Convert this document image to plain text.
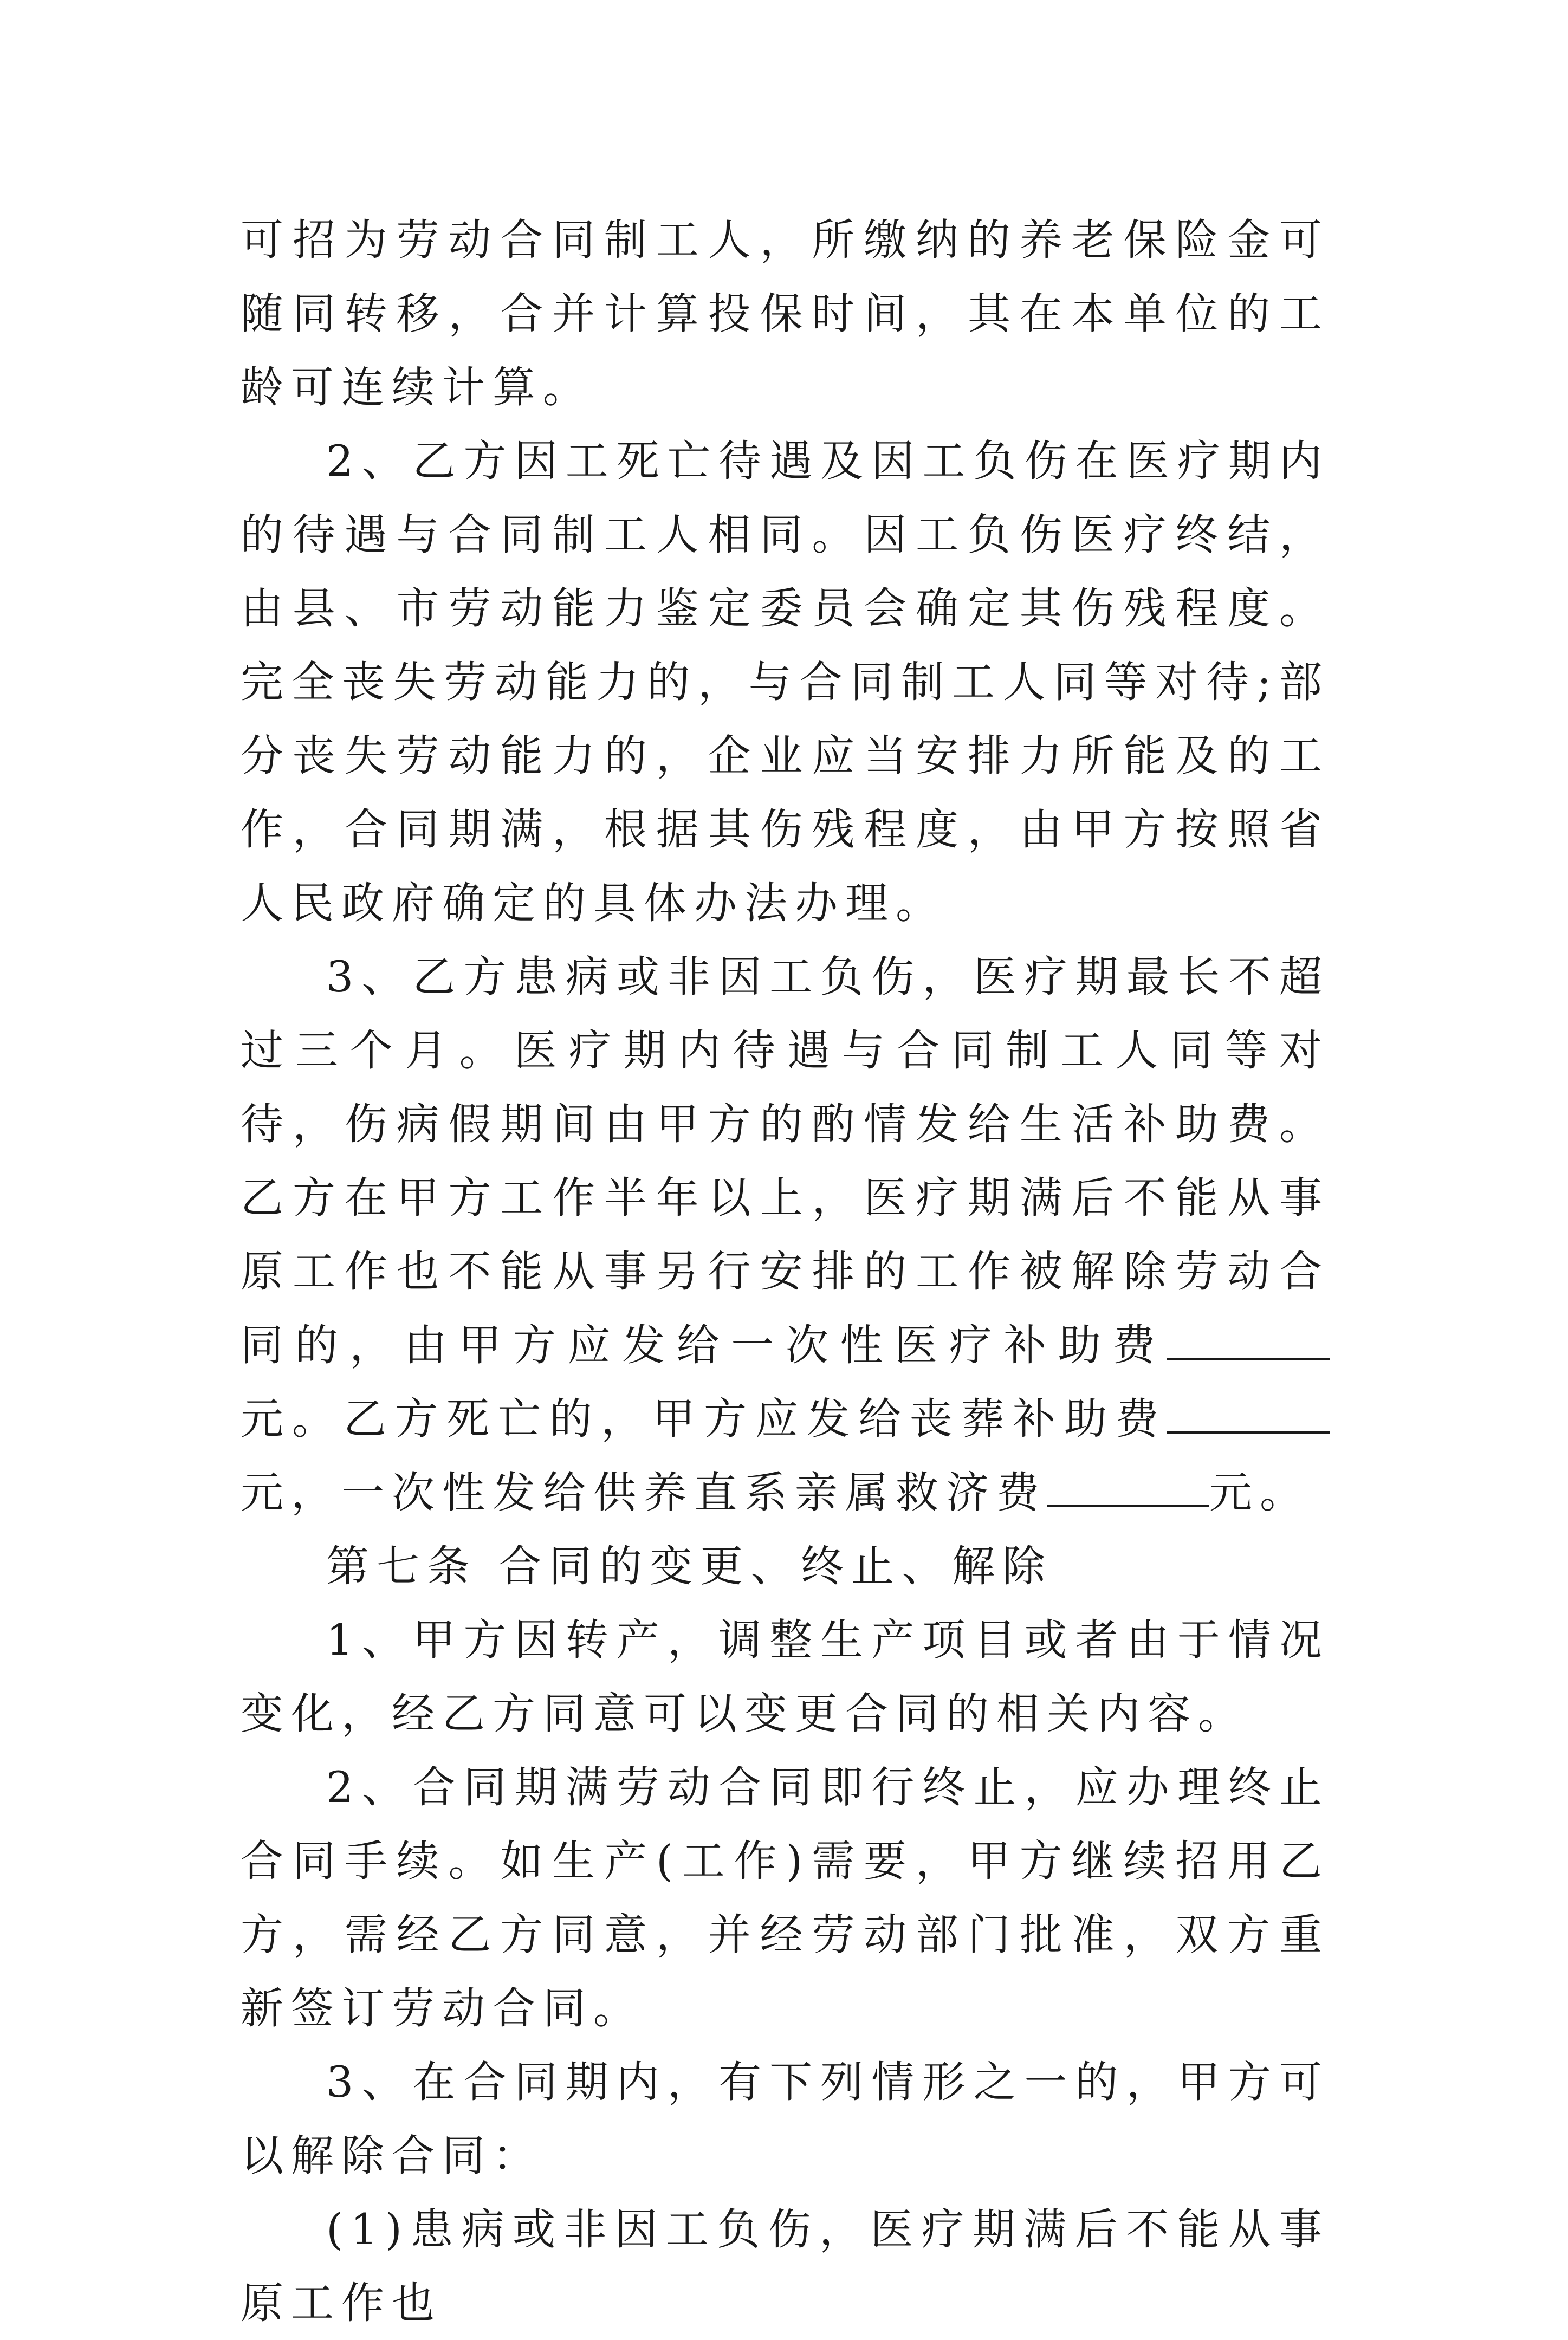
可招为劳动合同制工人，所缴纳的养老保险金可随同转移，合并计算投保时间，其在本单位的工龄可连续计算。

2、乙方因工死亡待遇及因工负伤在医疗期内的待遇与合同制工人相同。因工负伤医疗终结，由县、市劳动能力鉴定委员会确定其伤残程度。完全丧失劳动能力的，与合同制工人同等对待;部分丧失劳动能力的，企业应当安排力所能及的工作，合同期满，根据其伤残程度，由甲方按照省人民政府确定的具体办法办理。

3、乙方患病或非因工负伤，医疗期最长不超过三个月。医疗期内待遇与合同制工人同等对待，伤病假期间由甲方的酌情发给生活补助费。乙方在甲方工作半年以上，医疗期满后不能从事原工作也不能从事另行安排的工作被解除劳动合同的，由甲方应发给一次性医疗补助费元。乙方死亡的，甲方应发给丧葬补助费元，一次性发给供养直系亲属救济费	元。

第七条 合同的变更、终止、解除

1、甲方因转产，调整生产项目或者由于情况变化，经乙方同意可以变更合同的相关内容。

2、合同期满劳动合同即行终止，应办理终止合同手续。如生产(工作)需要，甲方继续招用乙方，需经乙方同意，并经劳动部门批准，双方重新签订劳动合同。

3、在合同期内，有下列情形之一的，甲方可以解除合同：

(1)患病或非因工负伤，医疗期满后不能从事原工作也
